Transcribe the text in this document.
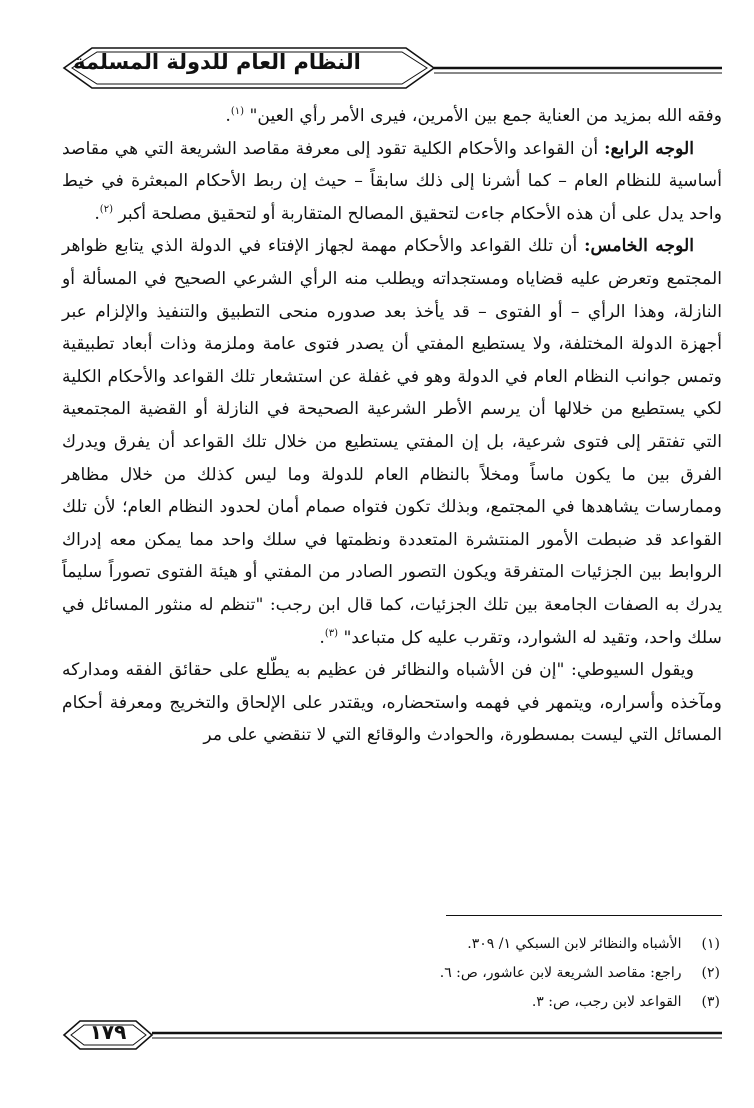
النظام العام للدولة المسلمة

وفقه الله بمزيد من العناية جمع بين الأمرين، فيرى الأمر رأي العين" $^{(١)}$.

الوجه الرابع: أن القواعد والأحكام الكلية تقود إلى معرفة مقاصد الشريعة التي هي مقاصد أساسية للنظام العام – كما أشرنا إلى ذلك سابقاً – حيث إن ربط الأحكام المبعثرة في خيط واحد يدل على أن هذه الأحكام جاءت لتحقيق المصالح المتقاربة أو لتحقيق مصلحة أكبر $^{(٢)}$.

الوجه الخامس: أن تلك القواعد والأحكام مهمة لجهاز الإفتاء في الدولة الذي يتابع ظواهر المجتمع وتعرض عليه قضاياه ومستجداته ويطلب منه الرأي الشرعي الصحيح في المسألة أو النازلة، وهذا الرأي – أو الفتوى – قد يأخذ بعد صدوره منحى التطبيق والتنفيذ والإلزام عبر أجهزة الدولة المختلفة، ولا يستطيع المفتي أن يصدر فتوى عامة وملزمة وذات أبعاد تطبيقية وتمس جوانب النظام العام في الدولة وهو في غفلة عن استشعار تلك القواعد والأحكام الكلية لكي يستطيع من خلالها أن يرسم الأطر الشرعية الصحيحة في النازلة أو القضية المجتمعية التي تفتقر إلى فتوى شرعية، بل إن المفتي يستطيع من خلال تلك القواعد أن يفرق ويدرك الفرق بين ما يكون ماساً ومخلاً بالنظام العام للدولة وما ليس كذلك من خلال مظاهر وممارسات يشاهدها في المجتمع، وبذلك تكون فتواه صمام أمان لحدود النظام العام؛ لأن تلك القواعد قد ضبطت الأمور المنتشرة المتعددة ونظمتها في سلك واحد مما يمكن معه إدراك الروابط بين الجزئيات المتفرقة ويكون التصور الصادر من المفتي أو هيئة الفتوى تصوراً سليماً يدرك به الصفات الجامعة بين تلك الجزئيات، كما قال ابن رجب: "تنظم له منثور المسائل في سلك واحد، وتقيد له الشوارد، وتقرب عليه كل متباعد" $^{(٣)}$.

ويقول السيوطي: "إن فن الأشباه والنظائر فن عظيم به يطّلع على حقائق الفقه ومداركه ومآخذه وأسراره، ويتمهر في فهمه واستحضاره، ويقتدر على الإلحاق والتخريج ومعرفة أحكام المسائل التي ليست بمسطورة، والحوادث والوقائع التي لا تنقضي على مر

(١) الأشباه والنظائر لابن السبكي ١/ ٣٠٩.
(٢) راجع: مقاصد الشريعة لابن عاشور، ص: ٦.
(٣) القواعد لابن رجب، ص: ٣.
١٧٩
